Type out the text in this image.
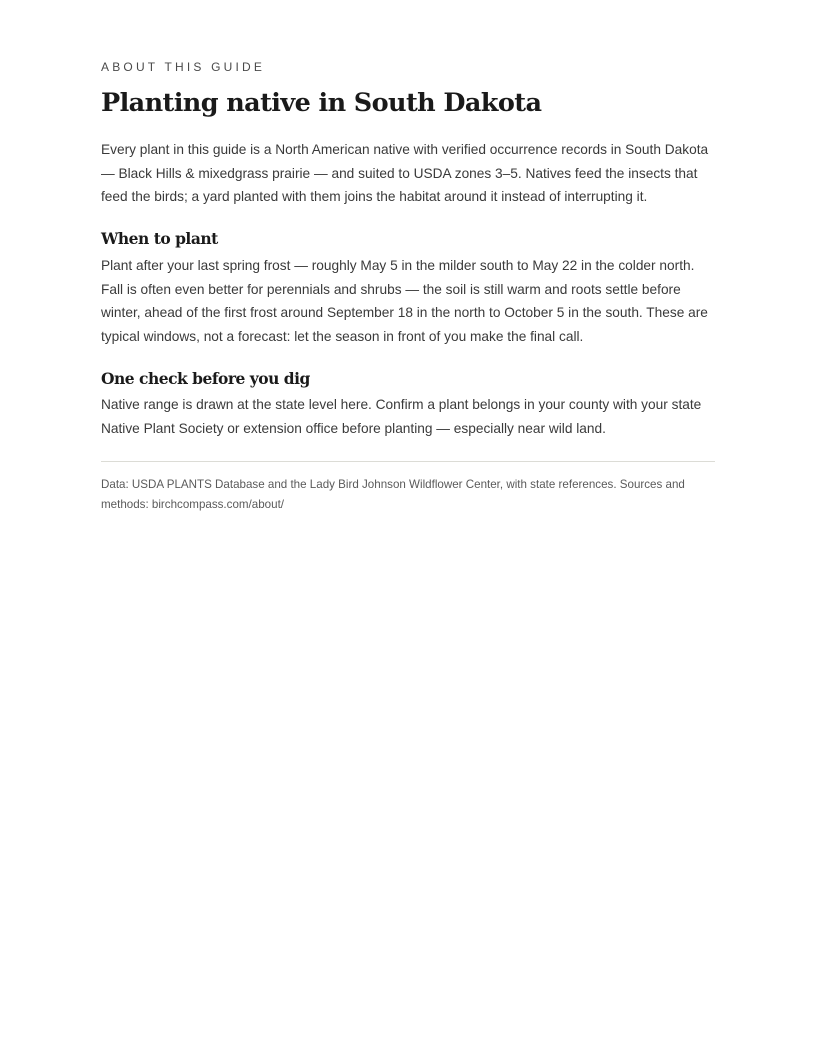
ABOUT THIS GUIDE
Planting native in South Dakota

Every plant in this guide is a North American native with verified occurrence records in South Dakota — Black Hills & mixedgrass prairie — and suited to USDA zones 3–5. Natives feed the insects that feed the birds; a yard planted with them joins the habitat around it instead of interrupting it.

When to plant

Plant after your last spring frost — roughly May 5 in the milder south to May 22 in the colder north. Fall is often even better for perennials and shrubs — the soil is still warm and roots settle before winter, ahead of the first frost around September 18 in the north to October 5 in the south. These are typical windows, not a forecast: let the season in front of you make the final call.

One check before you dig

Native range is drawn at the state level here. Confirm a plant belongs in your county with your state Native Plant Society or extension office before planting — especially near wild land.

Data: USDA PLANTS Database and the Lady Bird Johnson Wildflower Center, with state references. Sources and methods: birchcompass.com/about/
